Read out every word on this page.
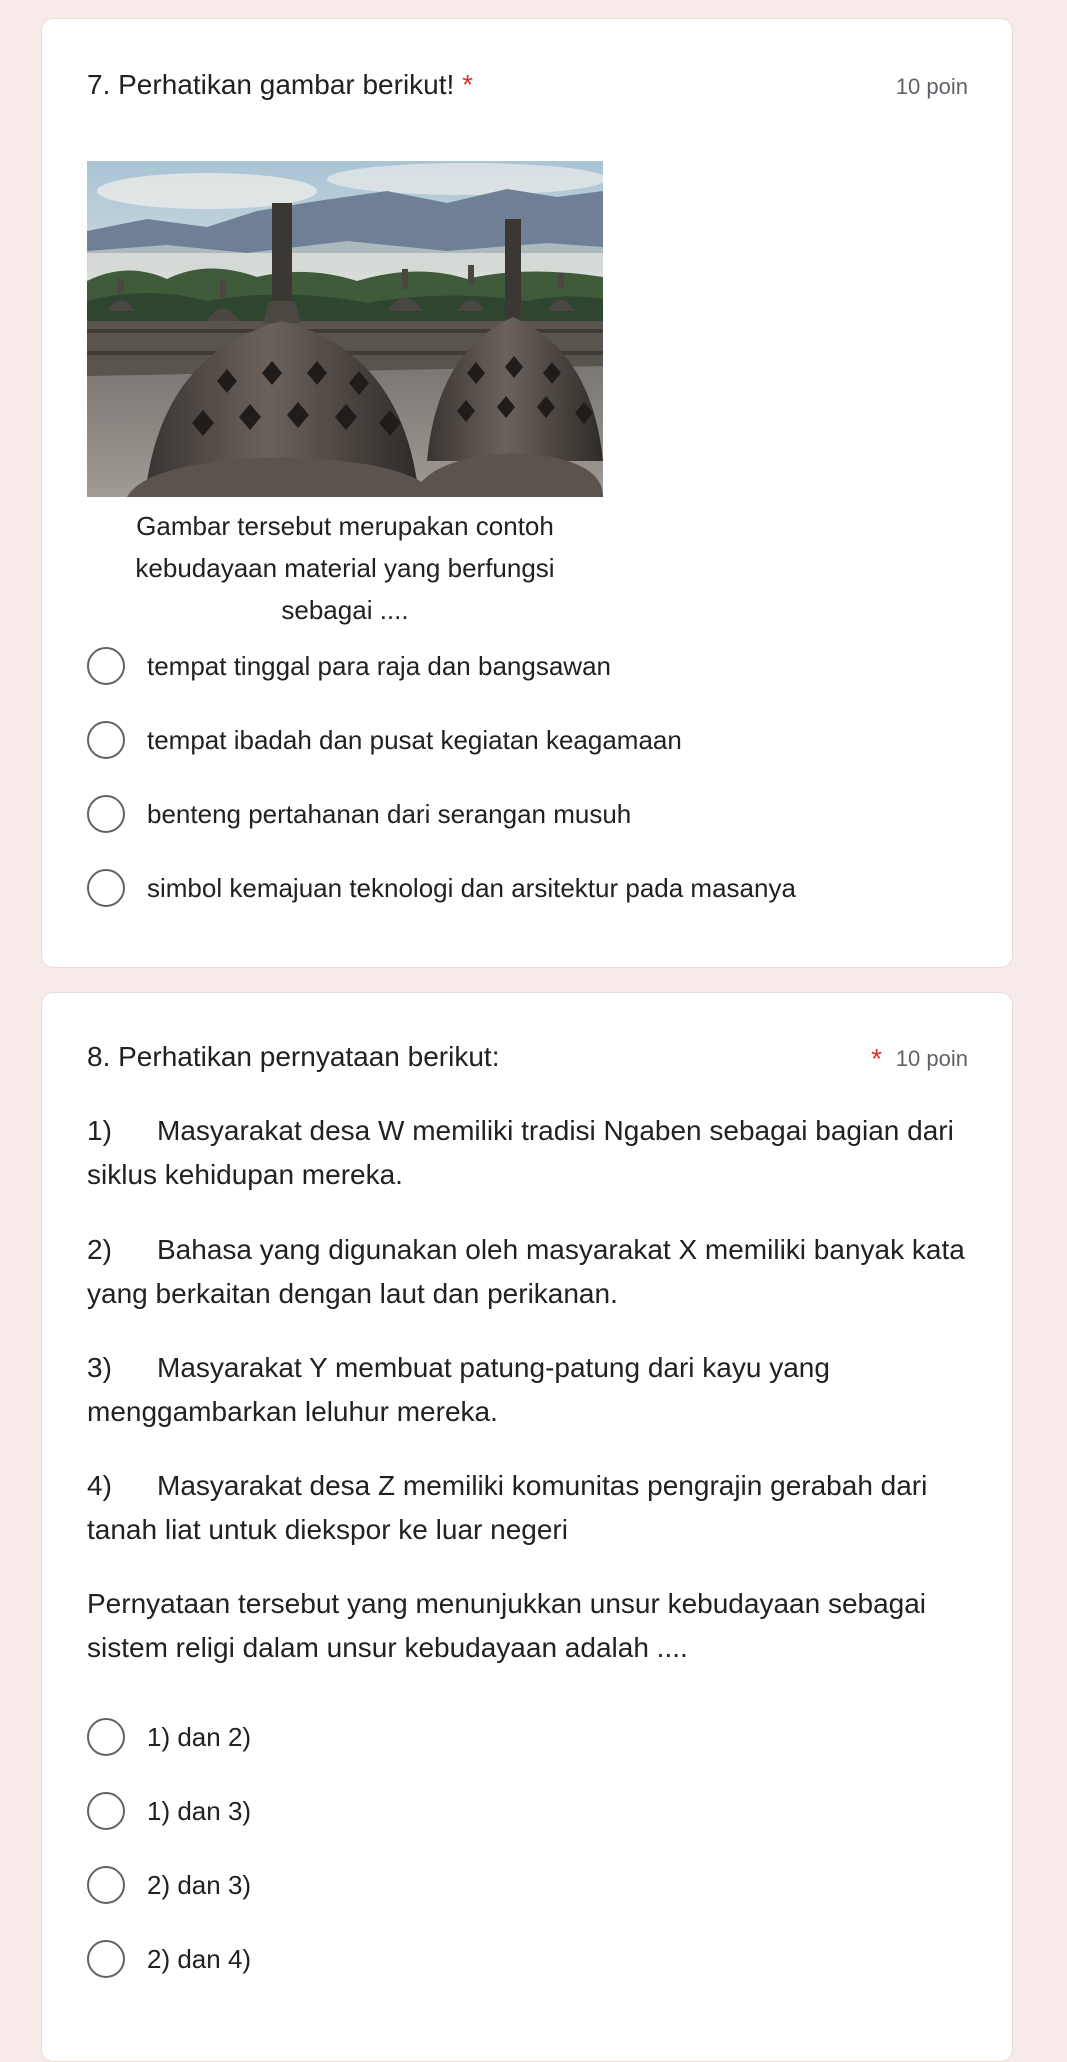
7. Perhatikan gambar berikut! *	10 poin
Gambar tersebut merupakan contoh kebudayaan material yang berfungsi sebagai ....
tempat tinggal para raja dan bangsawan
tempat ibadah dan pusat kegiatan keagamaan
benteng pertahanan dari serangan musuh
simbol kemajuan teknologi dan arsitektur pada masanya
8. Perhatikan pernyataan berikut:	* 10 poin
1) Masyarakat desa W memiliki tradisi Ngaben sebagai bagian dari siklus kehidupan mereka.
2) Bahasa yang digunakan oleh masyarakat X memiliki banyak kata yang berkaitan dengan laut dan perikanan.
3) Masyarakat Y membuat patung-patung dari kayu yang menggambarkan leluhur mereka.
4) Masyarakat desa Z memiliki komunitas pengrajin gerabah dari tanah liat untuk diekspor ke luar negeri
Pernyataan tersebut yang menunjukkan unsur kebudayaan sebagai sistem religi dalam unsur kebudayaan adalah ....
1) dan 2)
1) dan 3)
2) dan 3)
2) dan 4)
